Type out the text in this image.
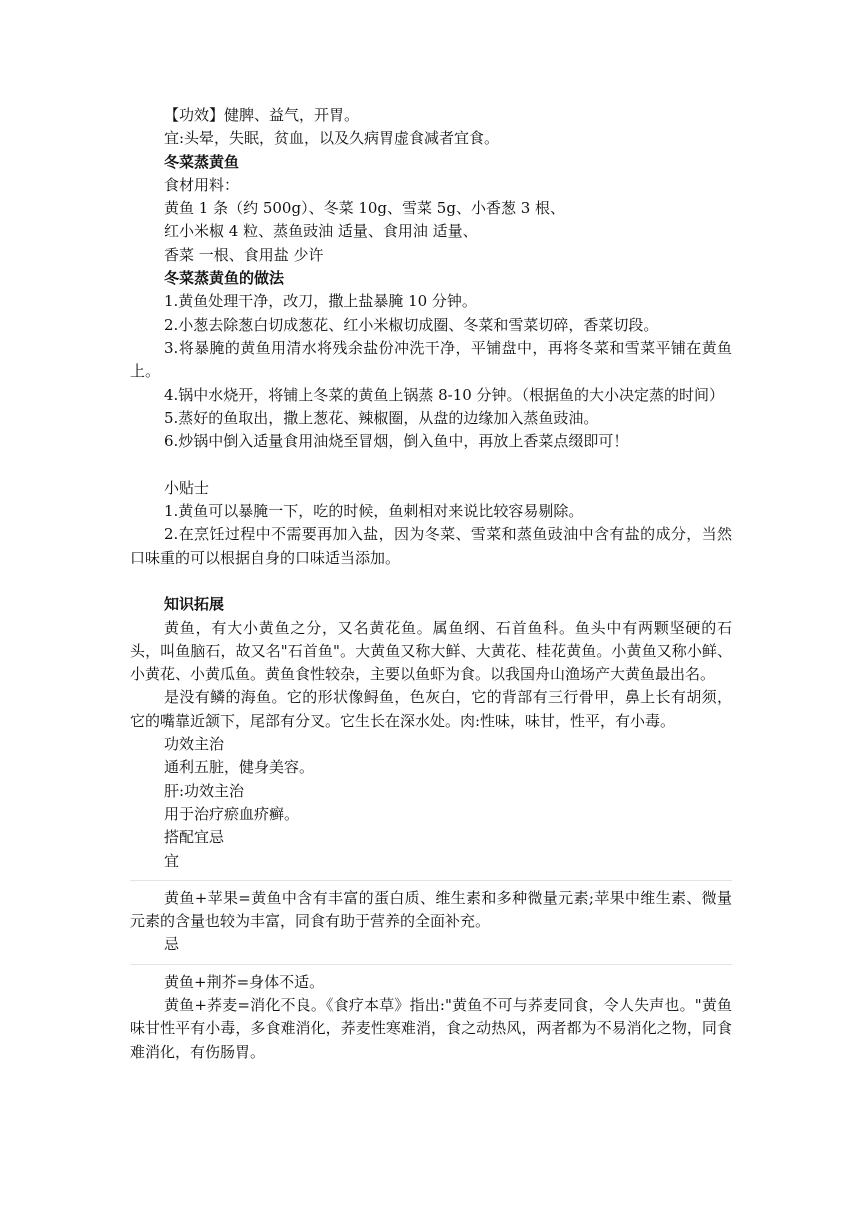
【功效】健脾、益气，开胃。

宜:头晕，失眠，贫血，以及久病胃虚食减者宜食。

冬菜蒸黄鱼

食材用料：

黄鱼 1 条（约 500g）、冬菜 10g、雪菜 5g、小香葱 3 根、

红小米椒 4 粒、蒸鱼豉油 适量、食用油 适量、

香菜 一根、食用盐 少许

冬菜蒸黄鱼的做法

1.黄鱼处理干净，改刀，撒上盐暴腌 10 分钟。

2.小葱去除葱白切成葱花、红小米椒切成圈、冬菜和雪菜切碎，香菜切段。

3.将暴腌的黄鱼用清水将残余盐份冲洗干净，平铺盘中，再将冬菜和雪菜平铺在黄鱼上。

4.锅中水烧开，将铺上冬菜的黄鱼上锅蒸 8-10 分钟。（根据鱼的大小决定蒸的时间）

5.蒸好的鱼取出，撒上葱花、辣椒圈，从盘的边缘加入蒸鱼豉油。

6.炒锅中倒入适量食用油烧至冒烟，倒入鱼中，再放上香菜点缀即可！

小贴士

1.黄鱼可以暴腌一下，吃的时候，鱼刺相对来说比较容易剔除。

2.在烹饪过程中不需要再加入盐，因为冬菜、雪菜和蒸鱼豉油中含有盐的成分，当然口味重的可以根据自身的口味适当添加。

知识拓展

黄鱼，有大小黄鱼之分，又名黄花鱼。属鱼纲、石首鱼科。鱼头中有两颗坚硬的石头，叫鱼脑石，故又名"石首鱼"。大黄鱼又称大鲜、大黄花、桂花黄鱼。小黄鱼又称小鲜、小黄花、小黄瓜鱼。黄鱼食性较杂，主要以鱼虾为食。以我国舟山渔场产大黄鱼最出名。

是没有鳞的海鱼。它的形状像鲟鱼，色灰白，它的背部有三行骨甲，鼻上长有胡须，它的嘴靠近颔下，尾部有分叉。它生长在深水处。肉:性味，味甘，性平，有小毒。

功效主治

通利五脏，健身美容。

肝:功效主治

用于治疗瘀血疥癣。

搭配宜忌

宜

黄鱼+苹果=黄鱼中含有丰富的蛋白质、维生素和多种微量元素;苹果中维生素、微量元素的含量也较为丰富，同食有助于营养的全面补充。

忌

黄鱼+荆芥=身体不适。

黄鱼+荞麦=消化不良。《食疗本草》指出:"黄鱼不可与荞麦同食，令人失声也。"黄鱼味甘性平有小毒，多食难消化，荞麦性寒难消，食之动热风，两者都为不易消化之物，同食难消化，有伤肠胃。
